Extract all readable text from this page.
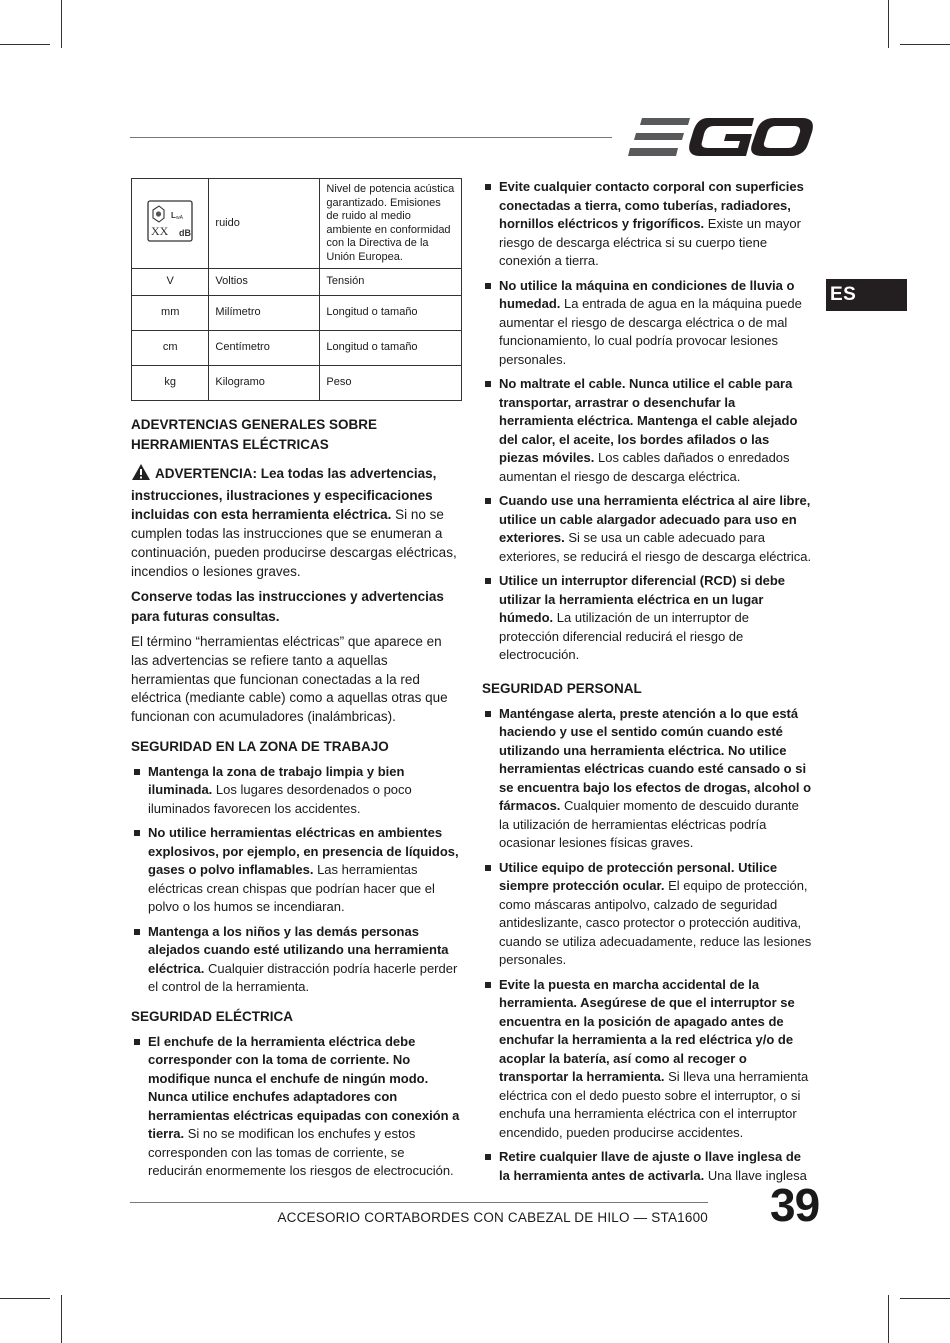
ES
L wA
XX dB	ruido	Nivel de potencia acústica garantizado. Emisiones de ruido al medio ambiente en conformidad con la Directiva de la Unión Europea.
V	Voltios	Tensión
mm	Milímetro	Longitud o tamaño
cm	Centímetro	Longitud o tamaño
kg	Kilogramo	Peso
ADEVRTENCIAS GENERALES SOBRE HERRAMIENTAS ELÉCTRICAS

ADVERTENCIA: Lea todas las advertencias, instrucciones, ilustraciones y especificaciones incluidas con esta herramienta eléctrica. Si no se cumplen todas las instrucciones que se enumeran a continuación, pueden producirse descargas eléctricas, incendios o lesiones graves.

Conserve todas las instrucciones y advertencias para futuras consultas.

El término “herramientas eléctricas” que aparece en las advertencias se refiere tanto a aquellas herramientas que funcionan conectadas a la red eléctrica (mediante cable) como a aquellas otras que funcionan con acumuladores (inalámbricas).

SEGURIDAD EN LA ZONA DE TRABAJO
Mantenga la zona de trabajo limpia y bien iluminada. Los lugares desordenados o poco iluminados favorecen los accidentes.
No utilice herramientas eléctricas en ambientes explosivos, por ejemplo, en presencia de líquidos, gases o polvo inflamables. Las herramientas eléctricas crean chispas que podrían hacer que el polvo o los humos se incendiaran.
Mantenga a los niños y las demás personas alejados cuando esté utilizando una herramienta eléctrica. Cualquier distracción podría hacerle perder el control de la herramienta.
SEGURIDAD ELÉCTRICA
El enchufe de la herramienta eléctrica debe corresponder con la toma de corriente. No modifique nunca el enchufe de ningún modo. Nunca utilice enchufes adaptadores con herramientas eléctricas equipadas con conexión a tierra. Si no se modifican los enchufes y estos corresponden con las tomas de corriente, se reducirán enormemente los riesgos de electrocución.
Evite cualquier contacto corporal con superficies conectadas a tierra, como tuberías, radiadores, hornillos eléctricos y frigoríficos. Existe un mayor riesgo de descarga eléctrica si su cuerpo tiene conexión a tierra.
No utilice la máquina en condiciones de lluvia o humedad. La entrada de agua en la máquina puede aumentar el riesgo de descarga eléctrica o de mal funcionamiento, lo cual podría provocar lesiones personales.
No maltrate el cable. Nunca utilice el cable para transportar, arrastrar o desenchufar la herramienta eléctrica. Mantenga el cable alejado del calor, el aceite, los bordes afilados o las piezas móviles. Los cables dañados o enredados aumentan el riesgo de descarga eléctrica.
Cuando use una herramienta eléctrica al aire libre, utilice un cable alargador adecuado para uso en exteriores. Si se usa un cable adecuado para exteriores, se reducirá el riesgo de descarga eléctrica.
Utilice un interruptor diferencial (RCD) si debe utilizar la herramienta eléctrica en un lugar húmedo. La utilización de un interruptor de protección diferencial reducirá el riesgo de electrocución.
SEGURIDAD PERSONAL
Manténgase alerta, preste atención a lo que está haciendo y use el sentido común cuando esté utilizando una herramienta eléctrica. No utilice herramientas eléctricas cuando esté cansado o si se encuentra bajo los efectos de drogas, alcohol o fármacos. Cualquier momento de descuido durante la utilización de herramientas eléctricas podría ocasionar lesiones físicas graves.
Utilice equipo de protección personal. Utilice siempre protección ocular. El equipo de protección, como máscaras antipolvo, calzado de seguridad antideslizante, casco protector o protección auditiva, cuando se utiliza adecuadamente, reduce las lesiones personales.
Evite la puesta en marcha accidental de la herramienta. Asegúrese de que el interruptor se encuentra en la posición de apagado antes de enchufar la herramienta a la red eléctrica y/o de acoplar la batería, así como al recoger o transportar la herramienta. Si lleva una herramienta eléctrica con el dedo puesto sobre el interruptor, o si enchufa una herramienta eléctrica con el interruptor encendido, pueden producirse accidentes.
Retire cualquier llave de ajuste o llave inglesa de la herramienta antes de activarla. Una llave inglesa
ACCESORIO CORTABORDES CON CABEZAL DE HILO — STA1600 39
